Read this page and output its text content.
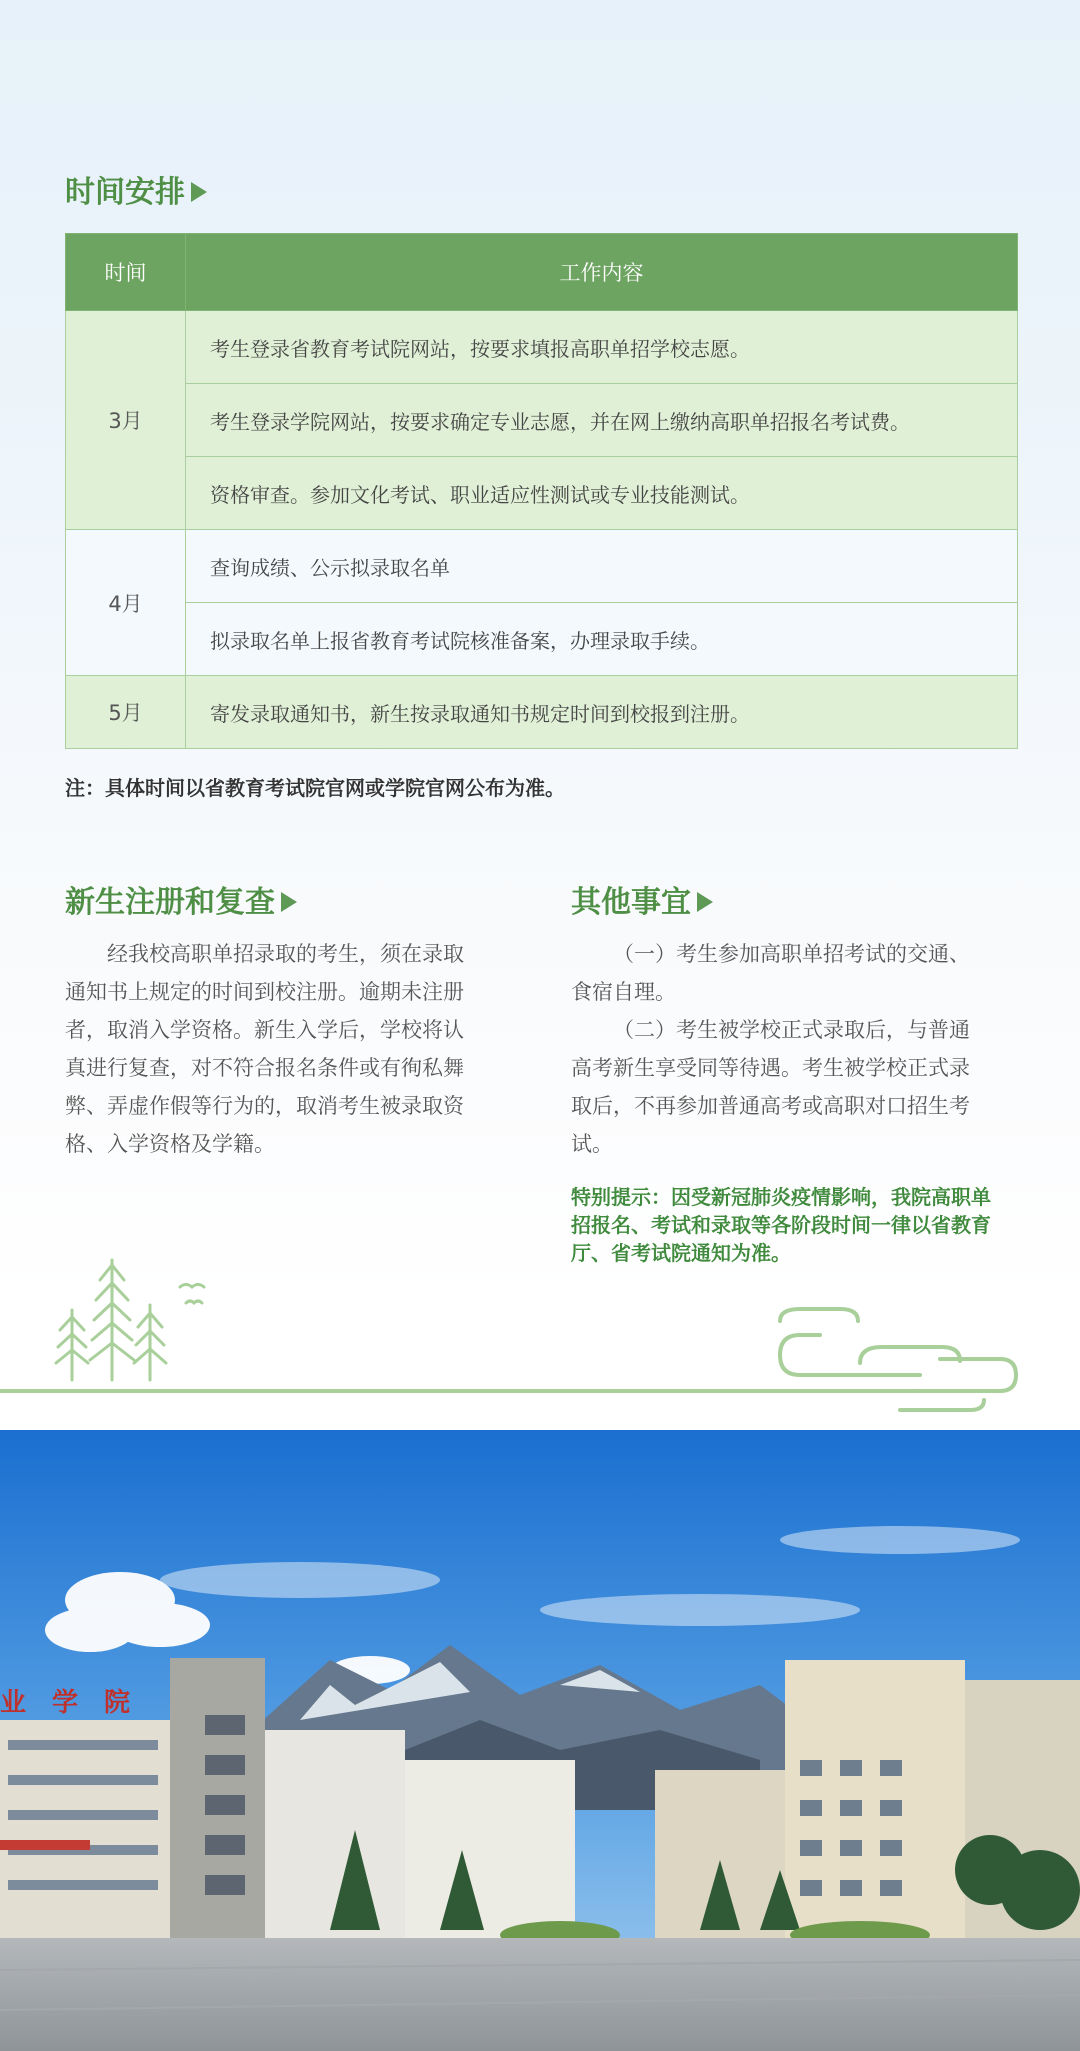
时间安排
时间	工作内容
3月	考生登录省教育考试院网站，按要求填报高职单招学校志愿。
	考生登录学院网站，按要求确定专业志愿，并在网上缴纳高职单招报名考试费。
	资格审查。参加文化考试、职业适应性测试或专业技能测试。
4月	查询成绩、公示拟录取名单
	拟录取名单上报省教育考试院核准备案，办理录取手续。
5月	寄发录取通知书，新生按录取通知书规定时间到校报到注册。

注：具体时间以省教育考试院官网或学院官网公布为准。

新生注册和复查

经我校高职单招录取的考生，须在录取通知书上规定的时间到校注册。逾期未注册者，取消入学资格。新生入学后，学校将认真进行复查，对不符合报名条件或有徇私舞弊、弄虚作假等行为的，取消考生被录取资格、入学资格及学籍。

其他事宜

（一）考生参加高职单招考试的交通、食宿自理。

（二）考生被学校正式录取后，与普通高考新生享受同等待遇。考生被学校正式录取后，不再参加普通高考或高职对口招生考试。

特别提示：因受新冠肺炎疫情影响，我院高职单招报名、考试和录取等各阶段时间一律以省教育厅、省考试院通知为准。

业学院
